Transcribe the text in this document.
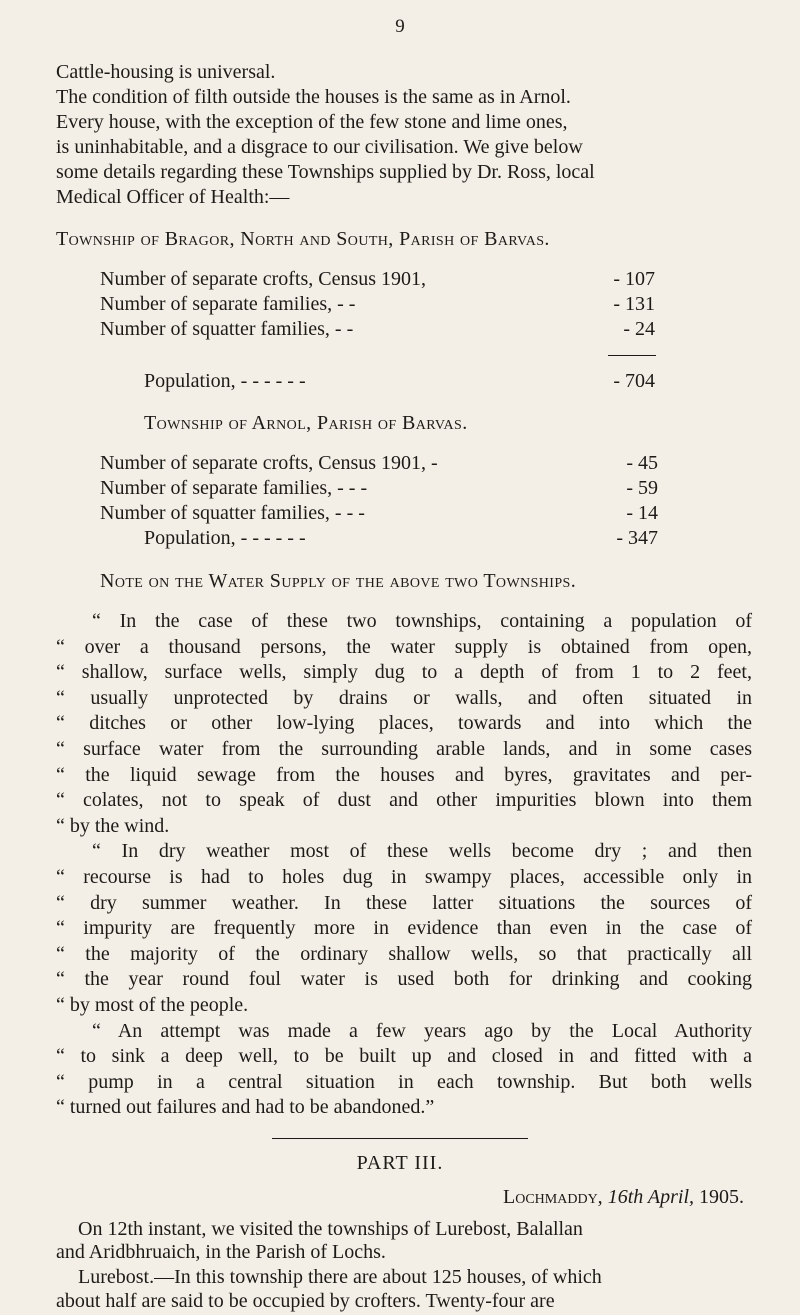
9
Cattle-housing is universal.
The condition of filth outside the houses is the same as in Arnol.
Every house, with the exception of the few stone and lime ones,
is uninhabitable, and a disgrace to our civilisation. We give below
some details regarding these Townships supplied by Dr. Ross, local
Medical Officer of Health:—
Township of Bragor, North and South, Parish of Barvas.
Number of separate crofts, Census 1901,	- 107
Number of separate families, - -	- 131
Number of squatter families, - -	- 24
Population, - - - - - -	- 704
Township of Arnol, Parish of Barvas.
Number of separate crofts, Census 1901, -	- 45
Number of separate families, - - -	- 59
Number of squatter families, - - -	- 14
Population, - - - - - -	- 347
Note on the Water Supply of the above two Townships.
“ In the case of these two townships, containing a population of
“ over a thousand persons, the water supply is obtained from open,
“ shallow, surface wells, simply dug to a depth of from 1 to 2 feet,
“ usually unprotected by drains or walls, and often situated in
“ ditches or other low-lying places, towards and into which the
“ surface water from the surrounding arable lands, and in some cases
“ the liquid sewage from the houses and byres, gravitates and per-
“ colates, not to speak of dust and other impurities blown into them
“ by the wind.
“ In dry weather most of these wells become dry ; and then
“ recourse is had to holes dug in swampy places, accessible only in
“ dry summer weather. In these latter situations the sources of
“ impurity are frequently more in evidence than even in the case of
“ the majority of the ordinary shallow wells, so that practically all
“ the year round foul water is used both for drinking and cooking
“ by most of the people.
“ An attempt was made a few years ago by the Local Authority
“ to sink a deep well, to be built up and closed in and fitted with a
“ pump in a central situation in each township. But both wells
“ turned out failures and had to be abandoned.”
PART III.
Lochmaddy, 16th April, 1905.
On 12th instant, we visited the townships of Lurebost, Balallan
and Aridbhruaich, in the Parish of Lochs.
Lurebost.—In this township there are about 125 houses, of which
about half are said to be occupied by crofters. Twenty-four are
